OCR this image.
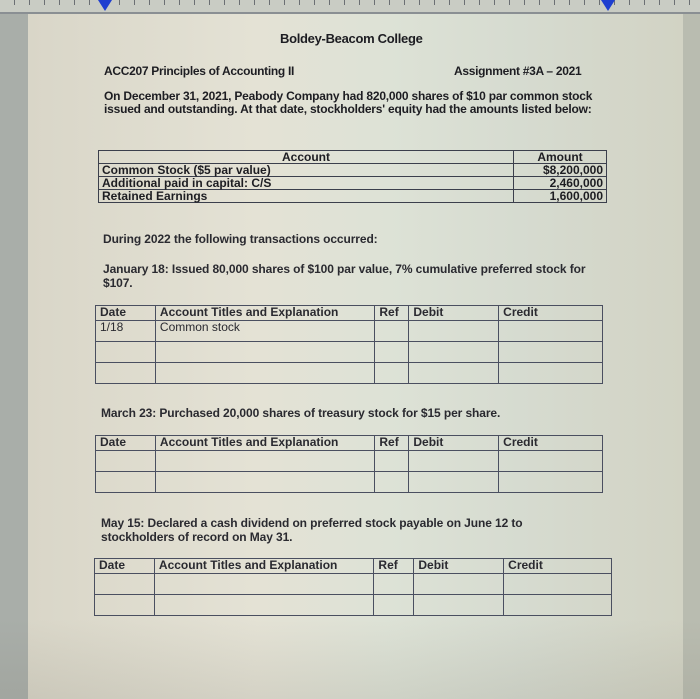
Boldey-Beacom College
ACC207 Principles of Accounting II	Assignment #3A – 2021
On December 31, 2021, Peabody Company had 820,000 shares of $10 par common stock issued and outstanding. At that date, stockholders' equity had the amounts listed below:
Account	Amount
Common Stock ($5 par value)	$8,200,000
Additional paid in capital: C/S	2,460,000
Retained Earnings	1,600,000
During 2022 the following transactions occurred:
January 18: Issued 80,000 shares of $100 par value, 7% cumulative preferred stock for $107.
Date	Account Titles and Explanation	Ref	Debit	Credit
1/18	Common stock			

March 23: Purchased 20,000 shares of treasury stock for $15 per share.
Date	Account Titles and Explanation	Ref	Debit	Credit

May 15: Declared a cash dividend on preferred stock payable on June 12 to stockholders of record on May 31.
Date	Account Titles and Explanation	Ref	Debit	Credit
